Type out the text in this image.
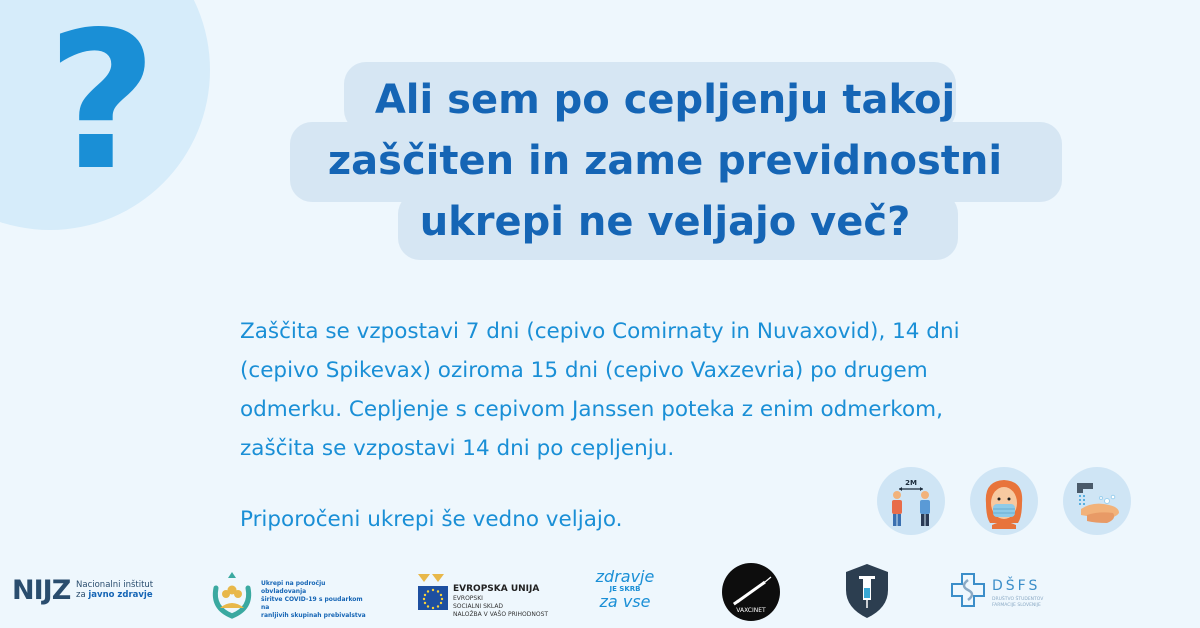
?	Ali sem po cepljenju takoj
zaščiten in zame previdnostni
ukrepi ne veljajo več?

Zaščita se vzpostavi 7 dni (cepivo Comirnaty in Nuvaxovid), 14 dni
(cepivo Spikevax) oziroma 15 dni (cepivo Vaxzevria) po drugem
odmerku. Cepljenje s cepivom Janssen poteka z enim odmerkom,
zaščita se vzpostavi 14 dni po cepljenju.

Priporočeni ukrepi še vedno veljajo.

2M
NIJZ Nacionalni inštitut
za javno zdravje
Ukrepi na področju obvladovanja
širitve COVID-19 s poudarkom na
ranljivih skupinah prebivalstva
EVROPSKA UNIJA
EVROPSKI
SOCIALNI SKLAD
NALOŽBA V VAŠO PRIHODNOST
zdravje
JE SKRB
za vse	VAXCINET
DŠFS
DRUŠTVO ŠTUDENTOV
FARMACIJE SLOVENIJE
